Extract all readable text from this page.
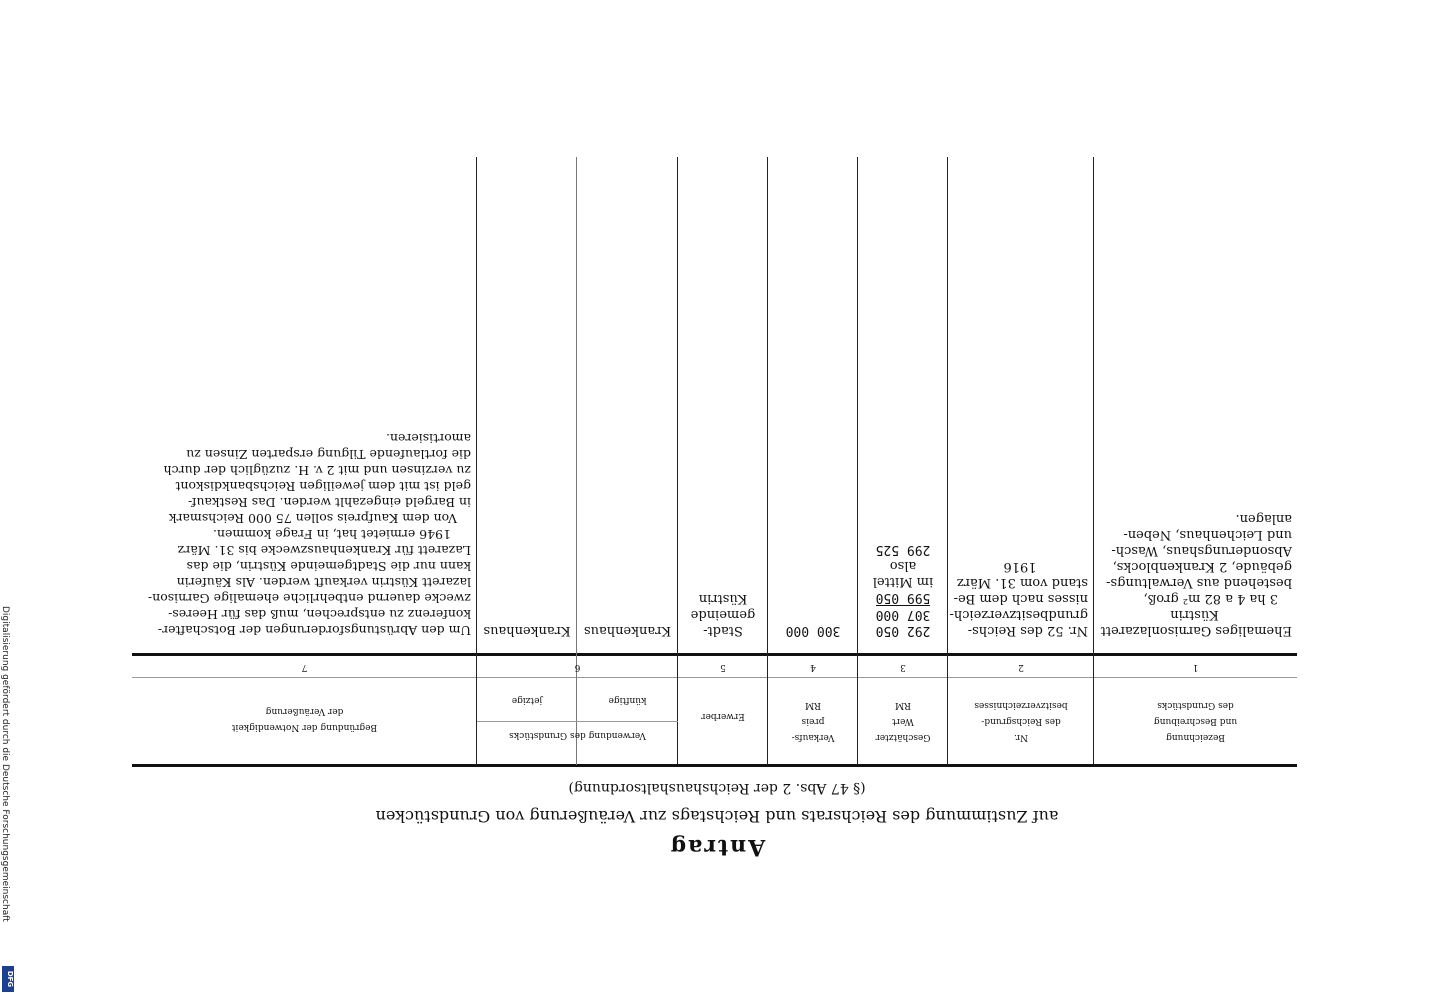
Antrag
auf Zustimmung des Reichsrats und Reichstags zur Veräußerung von Grundstücken
(§ 47 Abs. 2 der Reichshaushaltsordnung)
Bezeichnung
und Beschreibung
des Grundstücks
Nr.
des Reichsgrund-
besitzverzeichnisses
Geschätzter
Wert
RM
Verkaufs-
preis
RM
Erwerber
Verwendung des Grundstücks
jetzige	künftige
Begründung der Notwendigkeit
der Veräußerung
1
2
3
4
5
6
7
Ehemaliges Garnisonlazarett
Küstrin
3 ha 4 a 82 m² groß,
bestehend aus Verwaltungs-
gebäude, 2 Krankenblocks,
Absonderungshaus, Wasch-
und Leichenhaus, Neben-
anlagen.
Nr. 52 des Reichs-
grundbesitzverzeich-
nisses nach dem Be-
stand vom 31. März
1916
292 050
307 000
599 050
im Mittel
also
299 525
300 000
Stadt-
gemeinde
Küstrin
Krankenhaus	Krankenhaus
Um den Abrüstungsforderungen der Botschafter-
konferenz zu entsprechen, muß das für Heeres-
zwecke dauernd entbehrliche ehemalige Garnison-
lazarett Küstrin verkauft werden. Als Käuferin
kann nur die Stadtgemeinde Küstrin, die das
Lazarett für Krankenhauszwecke bis 31. März
1946 ermietet hat, in Frage kommen.
Von dem Kaufpreis sollen 75 000 Reichsmark
in Bargeld eingezahlt werden. Das Restkauf-
geld ist mit dem jeweiligen Reichsbankdiskont
zu verzinsen und mit 2 v. H. zuzüglich der durch
die fortlaufende Tilgung ersparten Zinsen zu
amortisieren.
Digitalisierung gefördert durch die Deutsche Forschungsgemeinschaft
DFG
